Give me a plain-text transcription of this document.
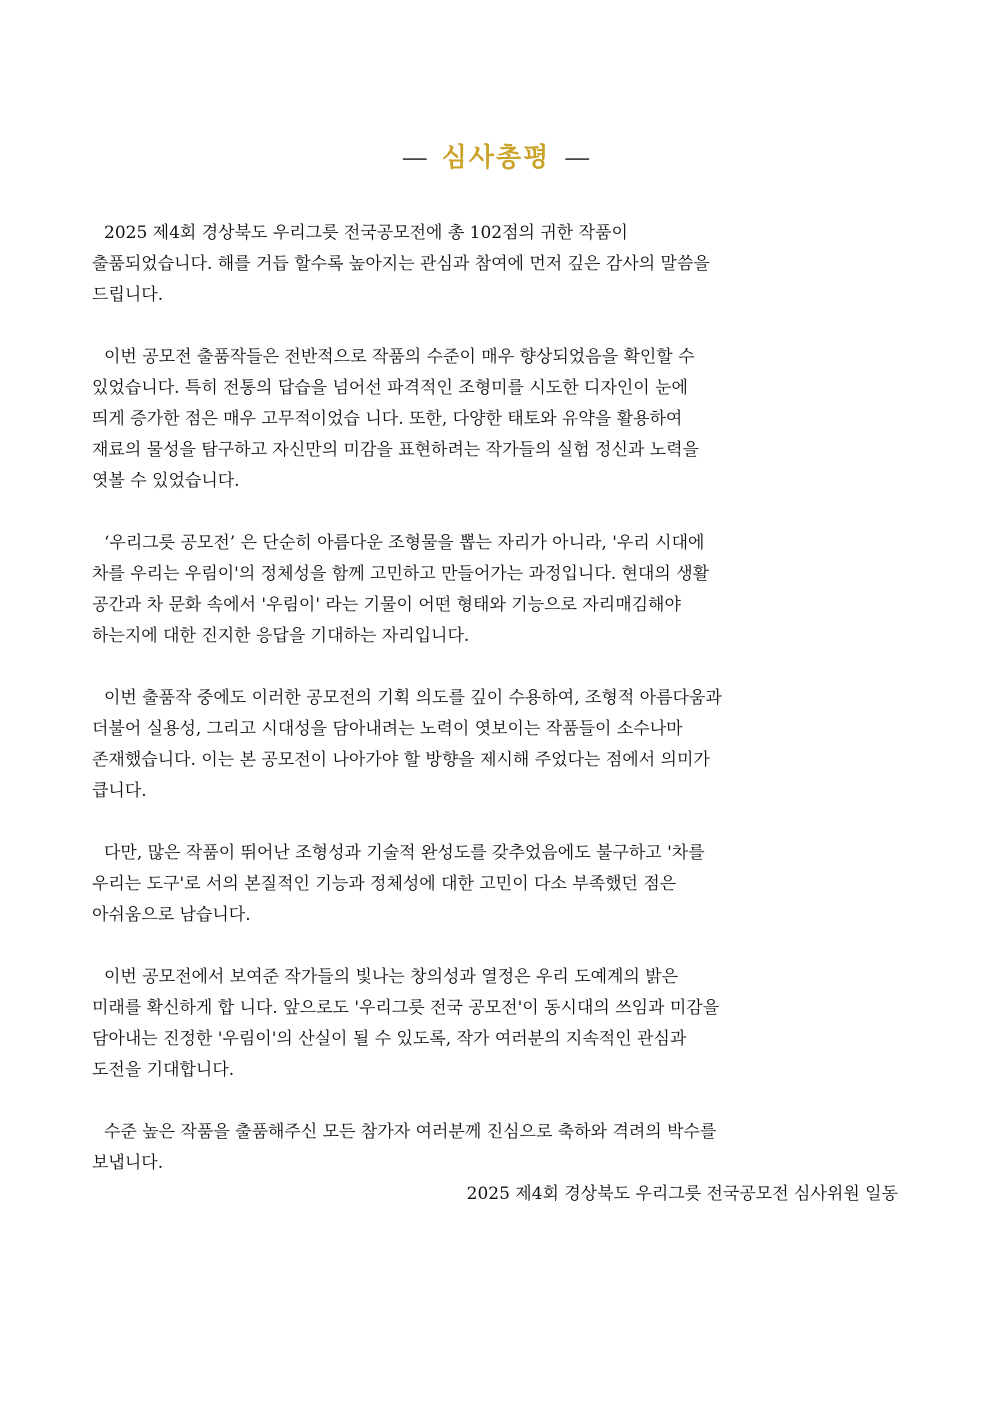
— 심사총평 —
2025 제4회 경상북도 우리그릇 전국공모전에 총 102점의 귀한 작품이
출품되었습니다. 해를 거듭 할수록 높아지는 관심과 참여에 먼저 깊은 감사의 말씀을
드립니다.
이번 공모전 출품작들은 전반적으로 작품의 수준이 매우 향상되었음을 확인할 수
있었습니다. 특히 전통의 답습을 넘어선 파격적인 조형미를 시도한 디자인이 눈에
띄게 증가한 점은 매우 고무적이었습 니다. 또한, 다양한 태토와 유약을 활용하여
재료의 물성을 탐구하고 자신만의 미감을 표현하려는 작가들의 실험 정신과 노력을
엿볼 수 있었습니다.
‘우리그릇 공모전’ 은 단순히 아름다운 조형물을 뽑는 자리가 아니라, '우리 시대에
차를 우리는 우림이'의 정체성을 함께 고민하고 만들어가는 과정입니다. 현대의 생활
공간과 차 문화 속에서 '우림이' 라는 기물이 어떤 형태와 기능으로 자리매김해야
하는지에 대한 진지한 응답을 기대하는 자리입니다.
이번 출품작 중에도 이러한 공모전의 기획 의도를 깊이 수용하여, 조형적 아름다움과
더불어 실용성, 그리고 시대성을 담아내려는 노력이 엿보이는 작품들이 소수나마
존재했습니다. 이는 본 공모전이 나아가야 할 방향을 제시해 주었다는 점에서 의미가
큽니다.
다만, 많은 작품이 뛰어난 조형성과 기술적 완성도를 갖추었음에도 불구하고 '차를
우리는 도구'로 서의 본질적인 기능과 정체성에 대한 고민이 다소 부족했던 점은
아쉬움으로 남습니다.
이번 공모전에서 보여준 작가들의 빛나는 창의성과 열정은 우리 도예계의 밝은
미래를 확신하게 합 니다. 앞으로도 '우리그릇 전국 공모전'이 동시대의 쓰임과 미감을
담아내는 진정한 '우림이'의 산실이 될 수 있도록, 작가 여러분의 지속적인 관심과
도전을 기대합니다.
수준 높은 작품을 출품해주신 모든 참가자 여러분께 진심으로 축하와 격려의 박수를
보냅니다.
2025 제4회 경상북도 우리그릇 전국공모전 심사위원 일동
